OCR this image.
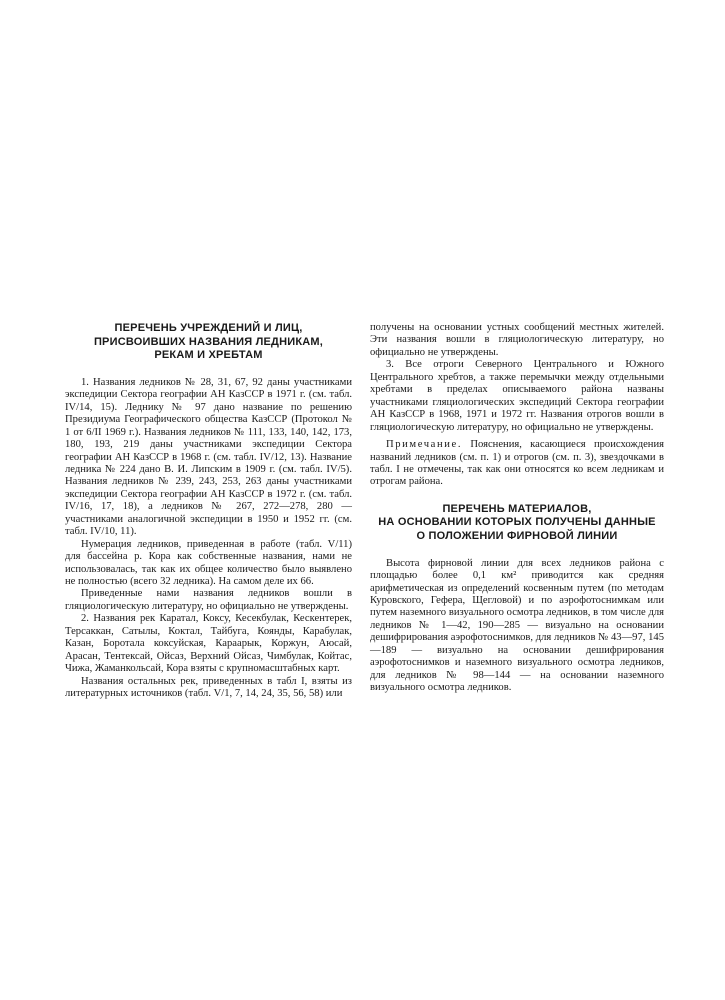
ПЕРЕЧЕНЬ УЧРЕЖДЕНИЙ И ЛИЦ,
ПРИСВОИВШИХ НАЗВАНИЯ ЛЕДНИКАМ,
РЕКАМ И ХРЕБТАМ

1. Названия ледников № 28, 31, 67, 92 даны участниками экспедиции Сектора географии АН КазССР в 1971 г. (см. табл. IV/14, 15). Леднику № 97 дано название по решению Президиума Географического общества КазССР (Протокол № 1 от 6/II 1969 г.). Названия ледников № 111, 133, 140, 142, 173, 180, 193, 219 даны участниками экспедиции Сектора географии АН КазССР в 1968 г. (см. табл. IV/12, 13). Название ледника № 224 дано В. И. Липским в 1909 г. (см. табл. IV/5). Названия ледников № 239, 243, 253, 263 даны участниками экспедиции Сектора географии АН КазССР в 1972 г. (см. табл. IV/16, 17, 18), а ледников № 267, 272—278, 280 — участниками аналогичной экспедиции в 1950 и 1952 гг. (см. табл. IV/10, 11).

Нумерация ледников, приведенная в работе (табл. V/11) для бассейна р. Кора как собственные названия, нами не использовалась, так как их общее количество было выявлено не полностью (всего 32 ледника). На самом деле их 66.

Приведенные нами названия ледников вошли в гляциологическую литературу, но официально не утверждены.

2. Названия рек Каратал, Коксу, Кесекбулак, Кескентерек, Терсаккан, Сатылы, Коктал, Тайбуга, Коянды, Карабулак, Казан, Боротала коксуйская, Караарык, Коржун, Аюсай, Арасан, Тентексай, Ойсаз, Верхний Ойсаз, Чимбулак, Койтас, Чижа, Жаманкольсай, Кора взяты с крупномасштабных карт.

Названия остальных рек, приведенных в табл I, взяты из литературных источников (табл. V/1, 7, 14, 24, 35, 56, 58) или

получены на основании устных сообщений местных жителей. Эти названия вошли в гляциологическую литературу, но официально не утверждены.

3. Все отроги Северного Центрального и Южного Центрального хребтов, а также перемычки между отдельными хребтами в пределах описываемого района названы участниками гляциологических экспедиций Сектора географии АН КазССР в 1968, 1971 и 1972 гг. Названия отрогов вошли в гляциологическую литературу, но официально не утверждены.

Примечание. Пояснения, касающиеся происхождения названий ледников (см. п. 1) и отрогов (см. п. 3), звездочками в табл. I не отмечены, так как они относятся ко всем ледникам и отрогам района.

ПЕРЕЧЕНЬ МАТЕРИАЛОВ,
НА ОСНОВАНИИ КОТОРЫХ ПОЛУЧЕНЫ ДАННЫЕ
О ПОЛОЖЕНИИ ФИРНОВОЙ ЛИНИИ

Высота фирновой линии для всех ледников района с площадью более 0,1 км² приводится как средняя арифметическая из определений косвенным путем (по методам Куровского, Гефера, Щегловой) и по аэрофотоснимкам или путем наземного визуального осмотра ледников, в том числе для ледников № 1—42, 190—285 — визуально на основании дешифрирования аэрофотоснимков, для ледников № 43—97, 145—189 — визуально на основании дешифрирования аэрофотоснимков и наземного визуального осмотра ледников, для ледников № 98—144 — на основании наземного визуального осмотра ледников.
